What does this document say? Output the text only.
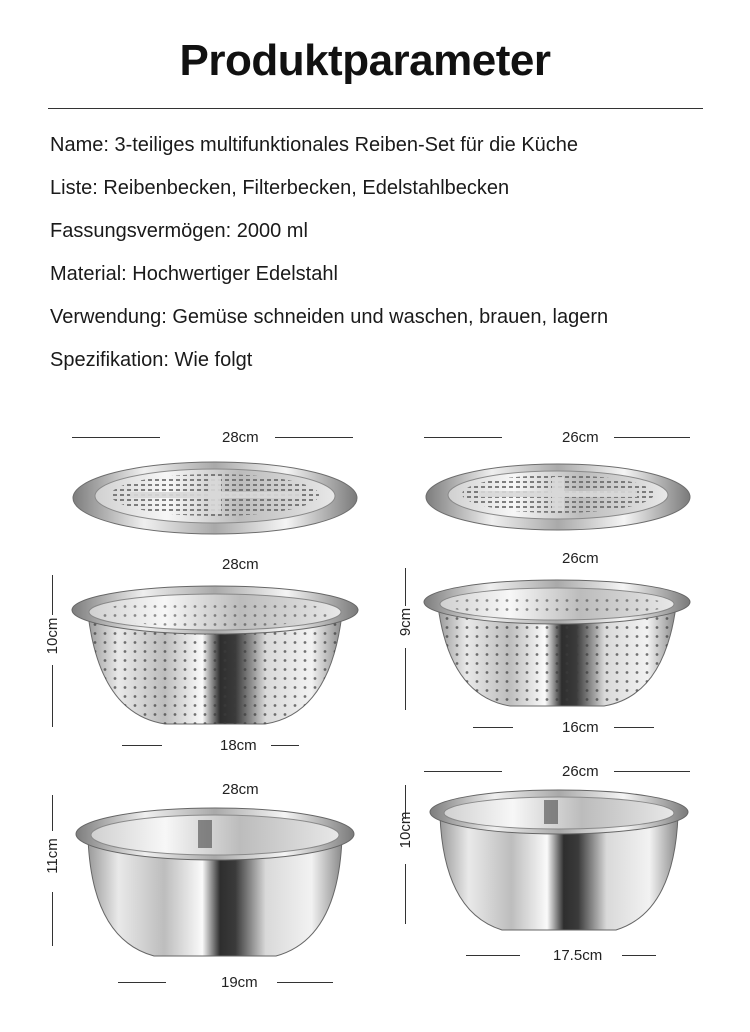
Produktparameter
Name: 3-teiliges multifunktionales Reiben-Set für die Küche
Liste: Reibenbecken, Filterbecken, Edelstahlbecken
Fassungsvermögen: 2000 ml
Material: Hochwertiger Edelstahl
Verwendung: Gemüse schneiden und waschen, brauen, lagern
Spezifikation: Wie folgt
28cm
28cm
10cm
18cm
28cm
11cm
19cm
26cm
26cm
9cm
16cm
26cm
10cm
17.5cm
